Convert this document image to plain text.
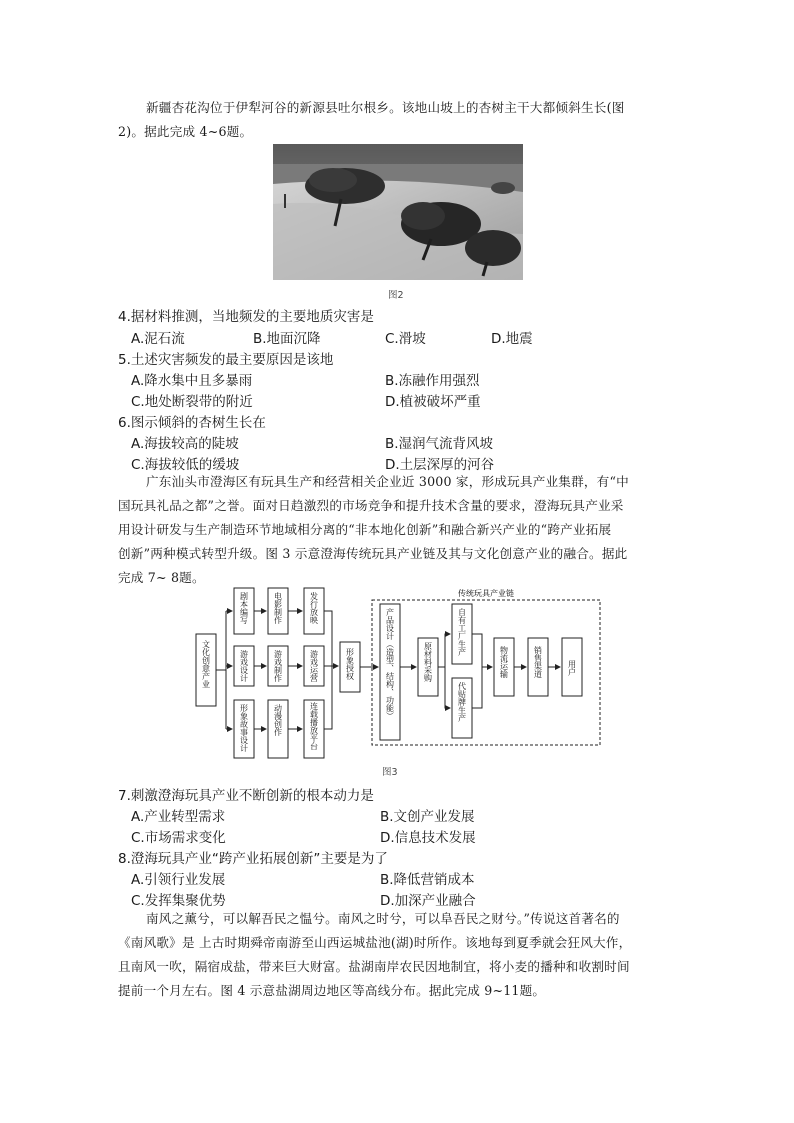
新疆杏花沟位于伊犁河谷的新源县吐尔根乡。该地山坡上的杏树主干大都倾斜生长(图
2)。据此完成 4~6题。
图2
4.据材料推测，当地频发的主要地质灾害是
A.泥石流	B.地面沉降	C.滑坡	D.地震
5.土述灾害频发的最主要原因是该地
A.降水集中且多暴雨	B.冻融作用强烈
C.地处断裂带的附近	D.植被破坏严重
6.图示倾斜的杏树生长在
A.海拔较高的陡坡	B.湿润气流背风坡
C.海拔较低的缓坡	D.土层深厚的河谷
广东汕头市澄海区有玩具生产和经营相关企业近 3000 家，形成玩具产业集群，有“中
国玩具礼品之都”之誉。面对日趋激烈的市场竞争和提升技术含量的要求，澄海玩具产业采
用设计研发与生产制造环节地域相分离的“非本地化创新”和融合新兴产业的“跨产业拓展
创新”两种模式转型升级。图 3 示意澄海传统玩具产业链及其与文化创意产业的融合。据此
完成 7~ 8题。
传统玩具产业链
文化创意产业
剧本编写
游戏设计
形象故事设计
电影制作
游戏制作
动漫创作
发行放映
游戏运营
连载播放平台
形象授权	产品设计（造型、结构、功能）	原材料采购
自有工厂生产
代贴牌生产
物流运输	销售渠道	用户
图3
7.刺激澄海玩具产业不断创新的根本动力是
A.产业转型需求	B.文创产业发展
C.市场需求变化	D.信息技术发展
8.澄海玩具产业“跨产业拓展创新”主要是为了
A.引领行业发展	B.降低营销成本
C.发挥集聚优势	D.加深产业融合
南风之薰兮，可以解吾民之愠兮。南风之时兮，可以阜吾民之财兮。”传说这首著名的
《南风歌》是 上古时期舜帝南游至山西运城盐池(湖)时所作。该地每到夏季就会狂风大作，
且南风一吹，隔宿成盐，带来巨大财富。盐湖南岸农民因地制宜，将小麦的播种和收割时间
提前一个月左右。图 4 示意盐湖周边地区等高线分布。据此完成 9~11题。
